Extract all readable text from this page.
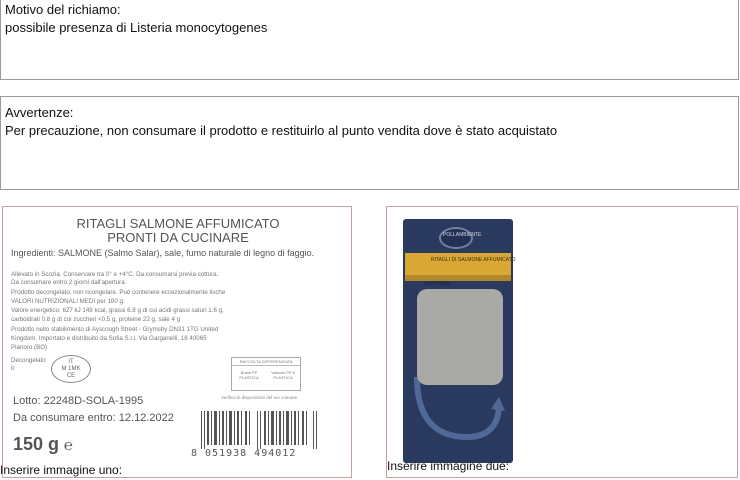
Motivo del richiamo:
possibile presenza di Listeria monocytogenes
Avvertenze:
Per precauzione, non consumare il prodotto e restituirlo al punto vendita dove è stato acquistato
RITAGLI SALMONE AFFUMICATO
PRONTI DA CUCINARE
Ingredienti: SALMONE (Salmo Salar), sale, fumo naturale di legno di faggio.
Allevato in Scozia. Conservare tra 0° e +4°C. Da consumarsi previa cottura.
Da consumare entro 2 giorni dall'apertura.
Prodotto decongelato, non ricongelare. Può contenere eccezionalmente lische
VALORI NUTRIZIONALI MEDI per 100 g:
Valore energetico: 627 kJ 149 kcal, grassi 6.8 g di cui acidi grassi saturi 1.6 g,
carboidrati 0.8 g di cui zuccheri <0.5 g, proteine 22 g, sale 4 g
Prodotto nello stabilimento di Ayscough Street - Grymsby DN31 1TG United
Kingdom. Importato e distribuito da Sofia S.r.l. Via Garganelli, 18 40065
Pianoro (BO)
Decongelato il:
IT
M 1MK
CE
RACCOLTA DIFFERENZIATA
Busta PP PLASTICA
Vassoio PP 5 PLASTICA
Verifica le disposizioni del tuo comune
Lotto: 22248D-SOLA-1995
Da consumare entro: 12.12.2022
150 g ℮	8 051938 494012
Inserire immagine uno:
POLLAMBIENTE
RITAGLI DI SALMONE AFFUMICATO
IN CUCINA
Inserire immagine due:
